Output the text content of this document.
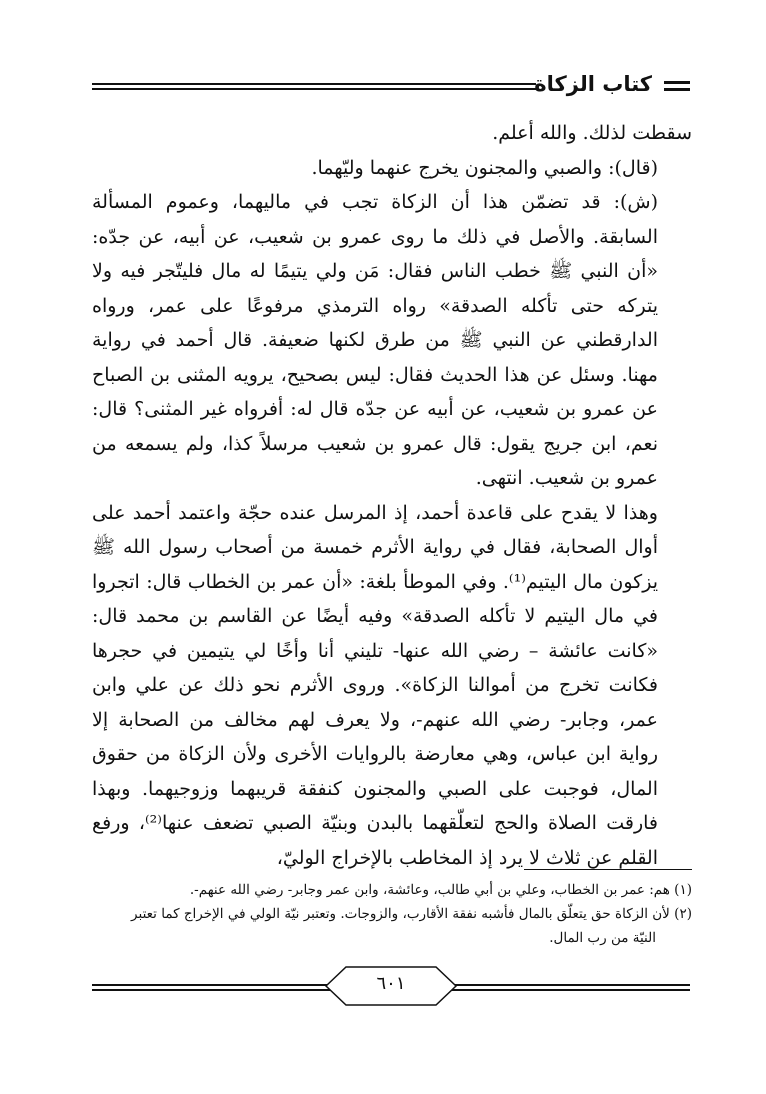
كتاب الزكاة

سقطت لذلك. والله أعلم.

(قال): والصبي والمجنون يخرج عنهما وليّهما.

(ش): قد تضمّن هذا أن الزكاة تجب في ماليهما، وعموم المسألة السابقة. والأصل في ذلك ما روى عمرو بن شعيب، عن أبيه، عن جدّه: «أن النبي ﷺ خطب الناس فقال: مَن ولي يتيمًا له مال فليتّجر فيه ولا يتركه حتى تأكله الصدقة» رواه الترمذي مرفوعًا على عمر، ورواه الدارقطني عن النبي ﷺ من طرق لكنها ضعيفة. قال أحمد في رواية مهنا. وسئل عن هذا الحديث فقال: ليس بصحيح، يرويه المثنى بن الصباح عن عمرو بن شعيب، عن أبيه عن جدّه قال له: أفرواه غير المثنى؟ قال: نعم، ابن جريج يقول: قال عمرو بن شعيب مرسلاً كذا، ولم يسمعه من عمرو بن شعيب. انتهى.

وهذا لا يقدح على قاعدة أحمد، إذ المرسل عنده حجّة واعتمد أحمد على أوال الصحابة، فقال في رواية الأثرم خمسة من أصحاب رسول الله ﷺ يزكون مال اليتيم⁽¹⁾. وفي الموطأ بلغة: «أن عمر بن الخطاب قال: اتجروا في مال اليتيم لا تأكله الصدقة» وفيه أيضًا عن القاسم بن محمد قال: «كانت عائشة – رضي الله عنها- تليني أنا وأخًا لي يتيمين في حجرها فكانت تخرج من أموالنا الزكاة». وروى الأثرم نحو ذلك عن علي وابن عمر، وجابر- رضي الله عنهم-، ولا يعرف لهم مخالف من الصحابة إلا رواية ابن عباس، وهي معارضة بالروايات الأخرى ولأن الزكاة من حقوق المال، فوجبت على الصبي والمجنون كنفقة قريبهما وزوجيهما. وبهذا فارقت الصلاة والحج لتعلّقهما بالبدن وبنيّة الصبي تضعف عنها⁽²⁾، ورفع القلم عن ثلاث لا يرد إذ المخاطب بالإخراج الوليّ،

(١) هم: عمر بن الخطاب، وعلي بن أبي طالب، وعائشة، وابن عمر وجابر- رضي الله عنهم-.

(٢) لأن الزكاة حق يتعلّق بالمال فأشبه نفقة الأقارب، والزوجات. وتعتبر نيّة الولي في الإخراج كما تعتبر

النيّة من رب المال.

٦٠١
